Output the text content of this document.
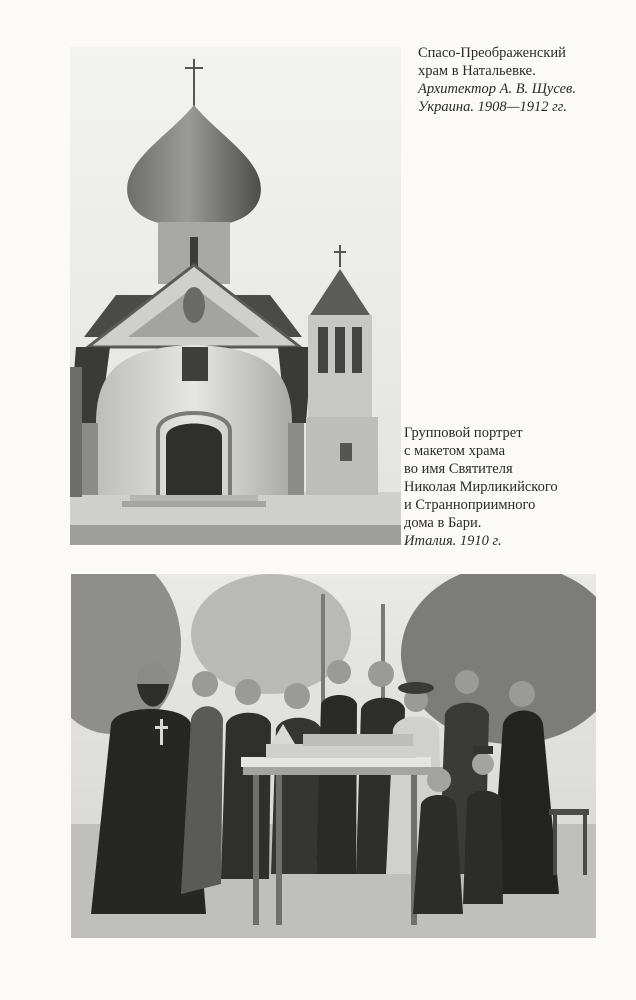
Спасо-Преображенский
храм в Натальевке.
Архитектор А. В. Щусев.
Украина. 1908—1912 гг.
Групповой портрет
с макетом храма
во имя Святителя
Николая Мирликийского
и Странноприимного
дома в Бари.
Италия. 1910 г.
